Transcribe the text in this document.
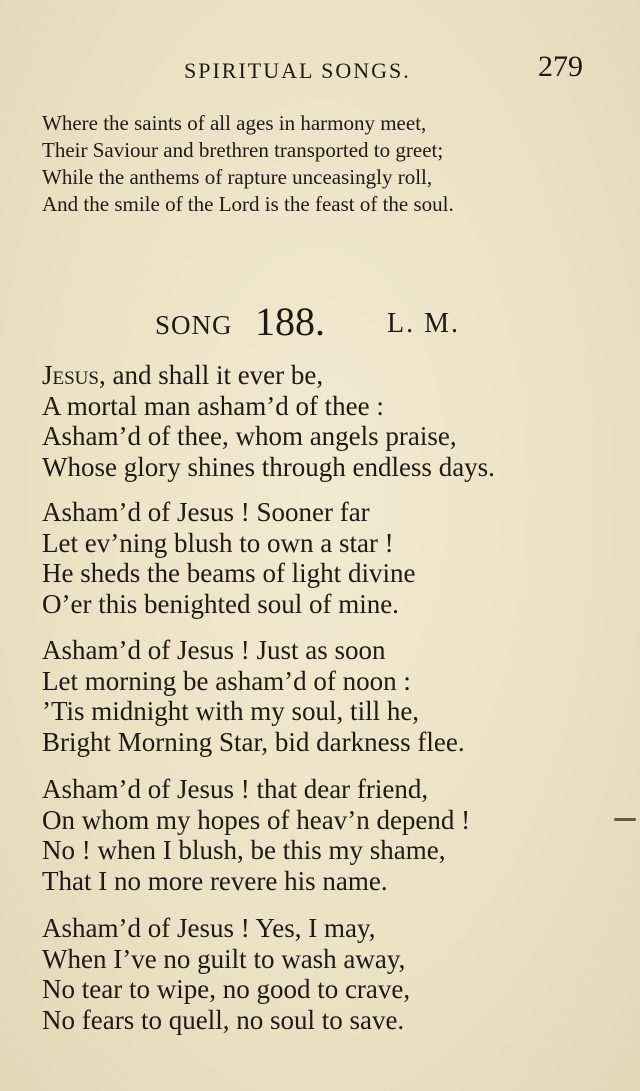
SPIRITUAL SONGS.	279
Where the saints of all ages in harmony meet,
Their Saviour and brethren transported to greet;
While the anthems of rapture unceasingly roll,
And the smile of the Lord is the feast of the soul.
SONG 188. L. M.
Jesus, and shall it ever be,
A mortal man asham’d of thee :
Asham’d of thee, whom angels praise,
Whose glory shines through endless days.
Asham’d of Jesus ! Sooner far
Let ev’ning blush to own a star !
He sheds the beams of light divine
O’er this benighted soul of mine.
Asham’d of Jesus ! Just as soon
Let morning be asham’d of noon :
’Tis midnight with my soul, till he,
Bright Morning Star, bid darkness flee.
Asham’d of Jesus ! that dear friend,
On whom my hopes of heav’n depend !
No ! when I blush, be this my shame,
That I no more revere his name.
Asham’d of Jesus ! Yes, I may,
When I’ve no guilt to wash away,
No tear to wipe, no good to crave,
No fears to quell, no soul to save.
